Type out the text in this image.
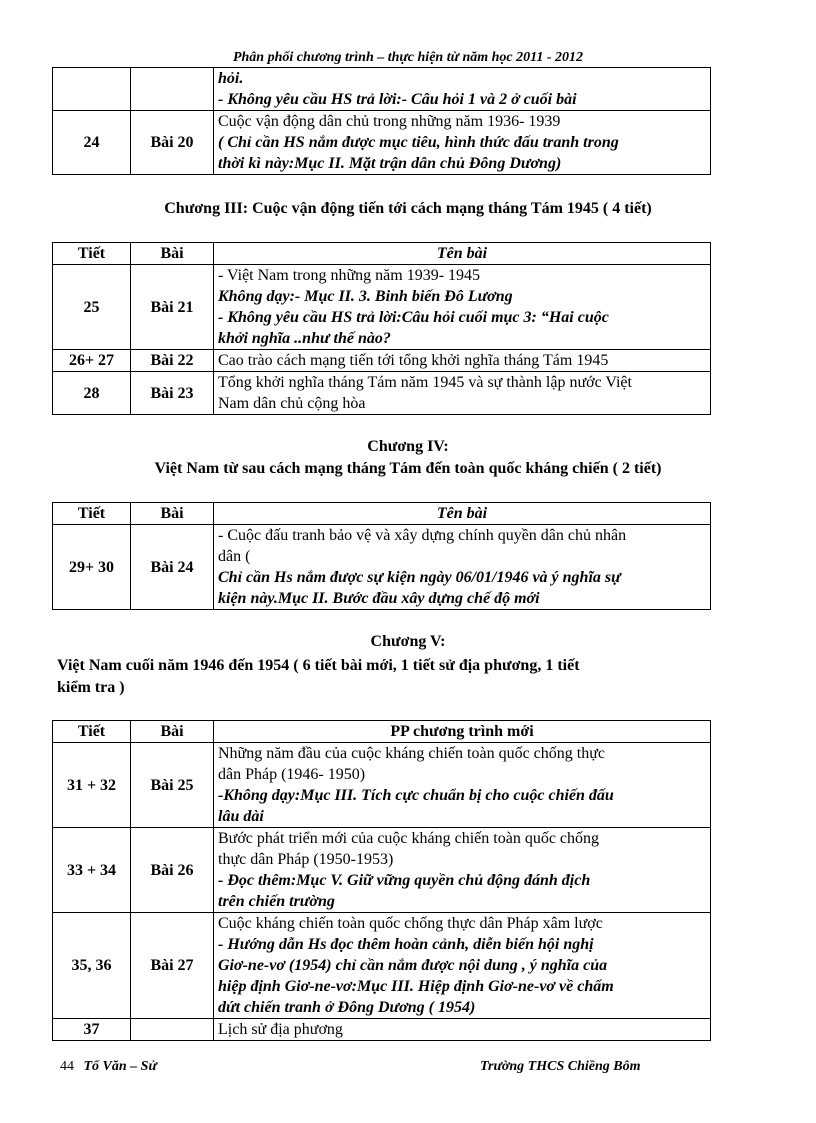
Phân phối chương trình – thực hiện từ năm học 2011 - 2012

		hỏi.
- Không yêu cầu HS trả lời:- Câu hỏi 1 và 2 ở cuối bài

24	Bài 20	Cuộc vận động dân chủ trong những năm 1936- 1939
( Chỉ cần HS nắm được mục tiêu, hình thức đấu tranh trong
thời kì này:Mục II. Mặt trận dân chủ Đông Dương)
Chương III: Cuộc vận động tiến tới cách mạng tháng Tám 1945 ( 4 tiết)
Tiết	Bài	Tên bài
25	Bài 21	- Việt Nam trong những năm 1939- 1945
Không dạy:- Mục II. 3. Binh biến Đô Lương
- Không yêu cầu HS trả lời:Câu hỏi cuối mục 3: “Hai cuộc
khởi nghĩa ..như thế nào?

26+ 27	Bài 22	Cao trào cách mạng tiến tới tổng khởi nghĩa tháng Tám 1945

28	Bài 23	Tổng khởi nghĩa tháng Tám năm 1945 và sự thành lập nước Việt
Nam dân chủ cộng hòa
Chương IV:
Việt Nam từ sau cách mạng tháng Tám đến toàn quốc kháng chiến ( 2 tiết)
Tiết	Bài	Tên bài
29+ 30	Bài 24	- Cuộc đấu tranh bảo vệ và xây dựng chính quyền dân chủ nhân
dân (
Chỉ cần Hs nắm được sự kiện ngày 06/01/1946 và ý nghĩa sự
kiện này.Mục II. Bước đầu xây dựng chế độ mới
Chương V:
Việt Nam cuối năm 1946 đến 1954 ( 6 tiết bài mới, 1 tiết sử địa phương, 1 tiết
kiểm tra )
Tiết	Bài	PP chương trình mới
31 + 32	Bài 25	Những năm đầu của cuộc kháng chiến toàn quốc chống thực
dân Pháp (1946- 1950)
-Không dạy:Mục III. Tích cực chuẩn bị cho cuộc chiến đấu
lâu dài

33 + 34	Bài 26	Bước phát triển mới của cuộc kháng chiến toàn quốc chống
thực dân Pháp (1950-1953)
- Đọc thêm:Mục V. Giữ vững quyền chủ động đánh địch
trên chiến trường

35, 36	Bài 27	Cuộc kháng chiến toàn quốc chống thực dân Pháp xâm lược
- Hướng dẫn Hs đọc thêm hoàn cảnh, diễn biến hội nghị
Giơ-ne-vơ (1954) chỉ cần nắm được nội dung , ý nghĩa của
hiệp định Giơ-ne-vơ:Mục III. Hiệp định Giơ-ne-vơ về chấm
dứt chiến tranh ở Đông Dương ( 1954)

37		Lịch sử địa phương
44 Tổ Văn – Sử	Trường THCS Chiềng Bôm
